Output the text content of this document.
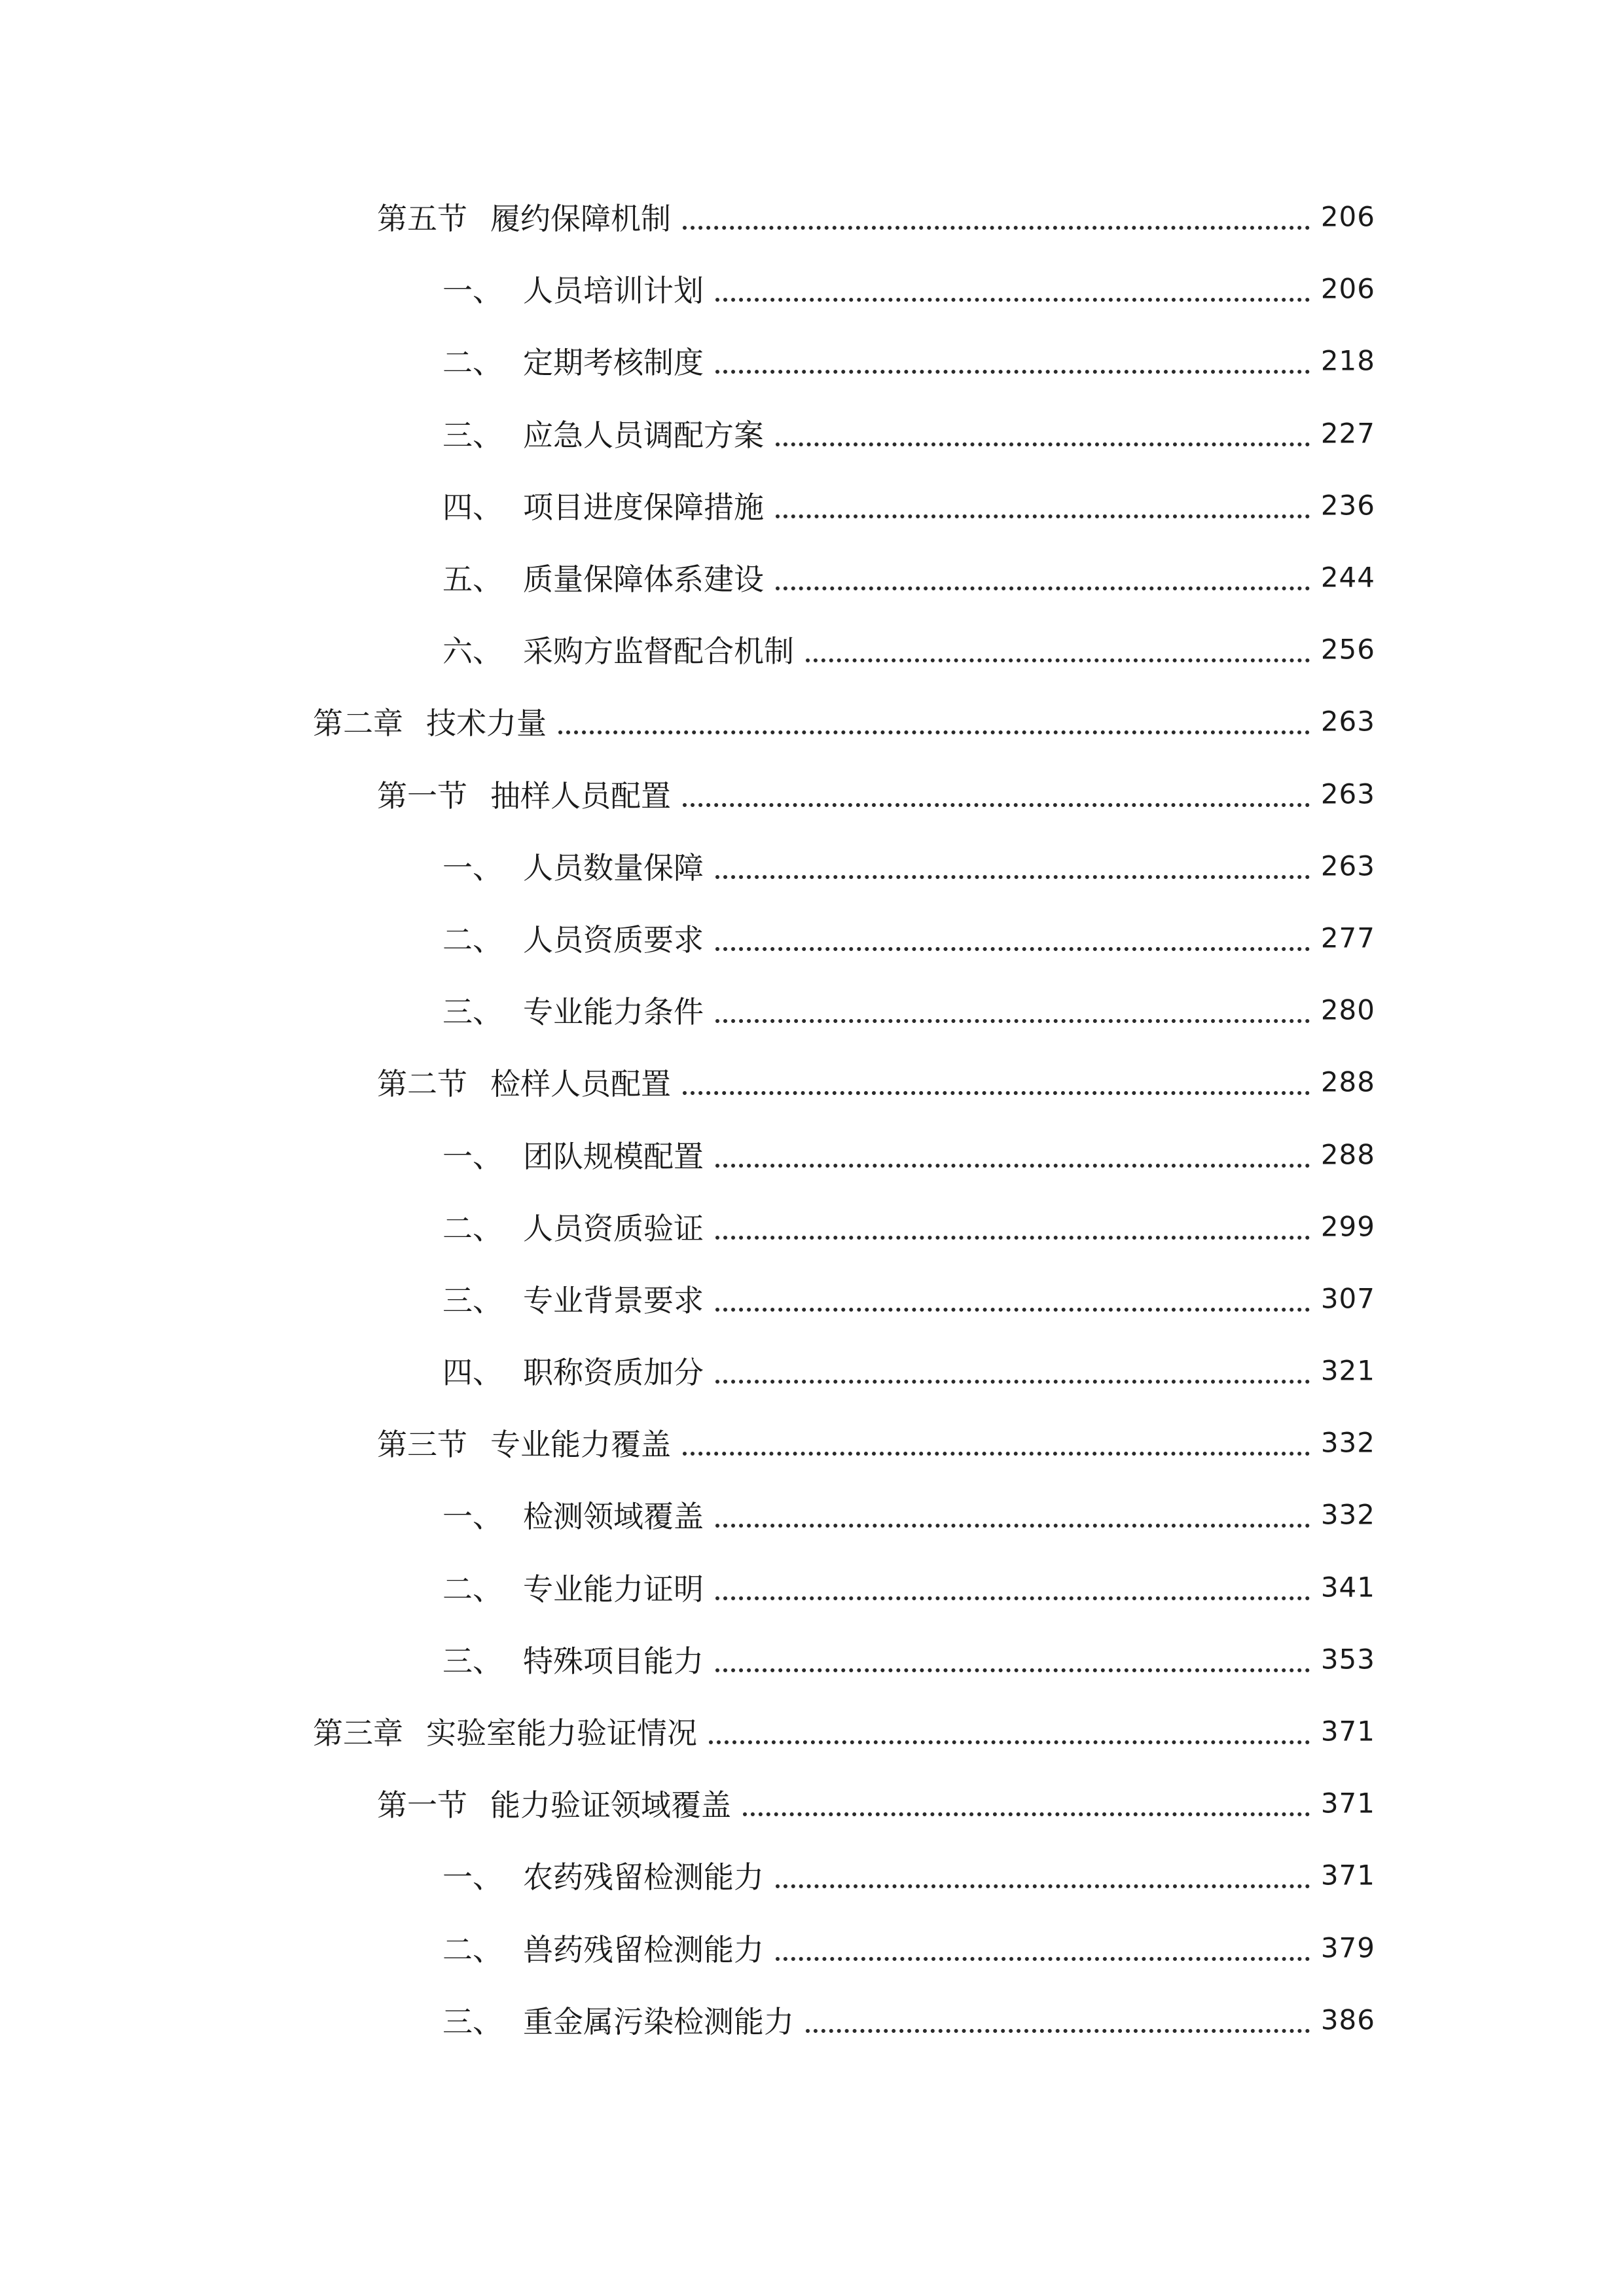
第五节 履约保障机制	206
一、 人员培训计划	206
二、 定期考核制度	218
三、 应急人员调配方案	227
四、 项目进度保障措施	236
五、 质量保障体系建设	244
六、 采购方监督配合机制	256
第二章 技术力量	263
第一节 抽样人员配置	263
一、 人员数量保障	263
二、 人员资质要求	277
三、 专业能力条件	280
第二节 检样人员配置	288
一、 团队规模配置	288
二、 人员资质验证	299
三、 专业背景要求	307
四、 职称资质加分	321
第三节 专业能力覆盖	332
一、 检测领域覆盖	332
二、 专业能力证明	341
三、 特殊项目能力	353
第三章 实验室能力验证情况	371
第一节 能力验证领域覆盖	371
一、 农药残留检测能力	371
二、 兽药残留检测能力	379
三、 重金属污染检测能力	386
